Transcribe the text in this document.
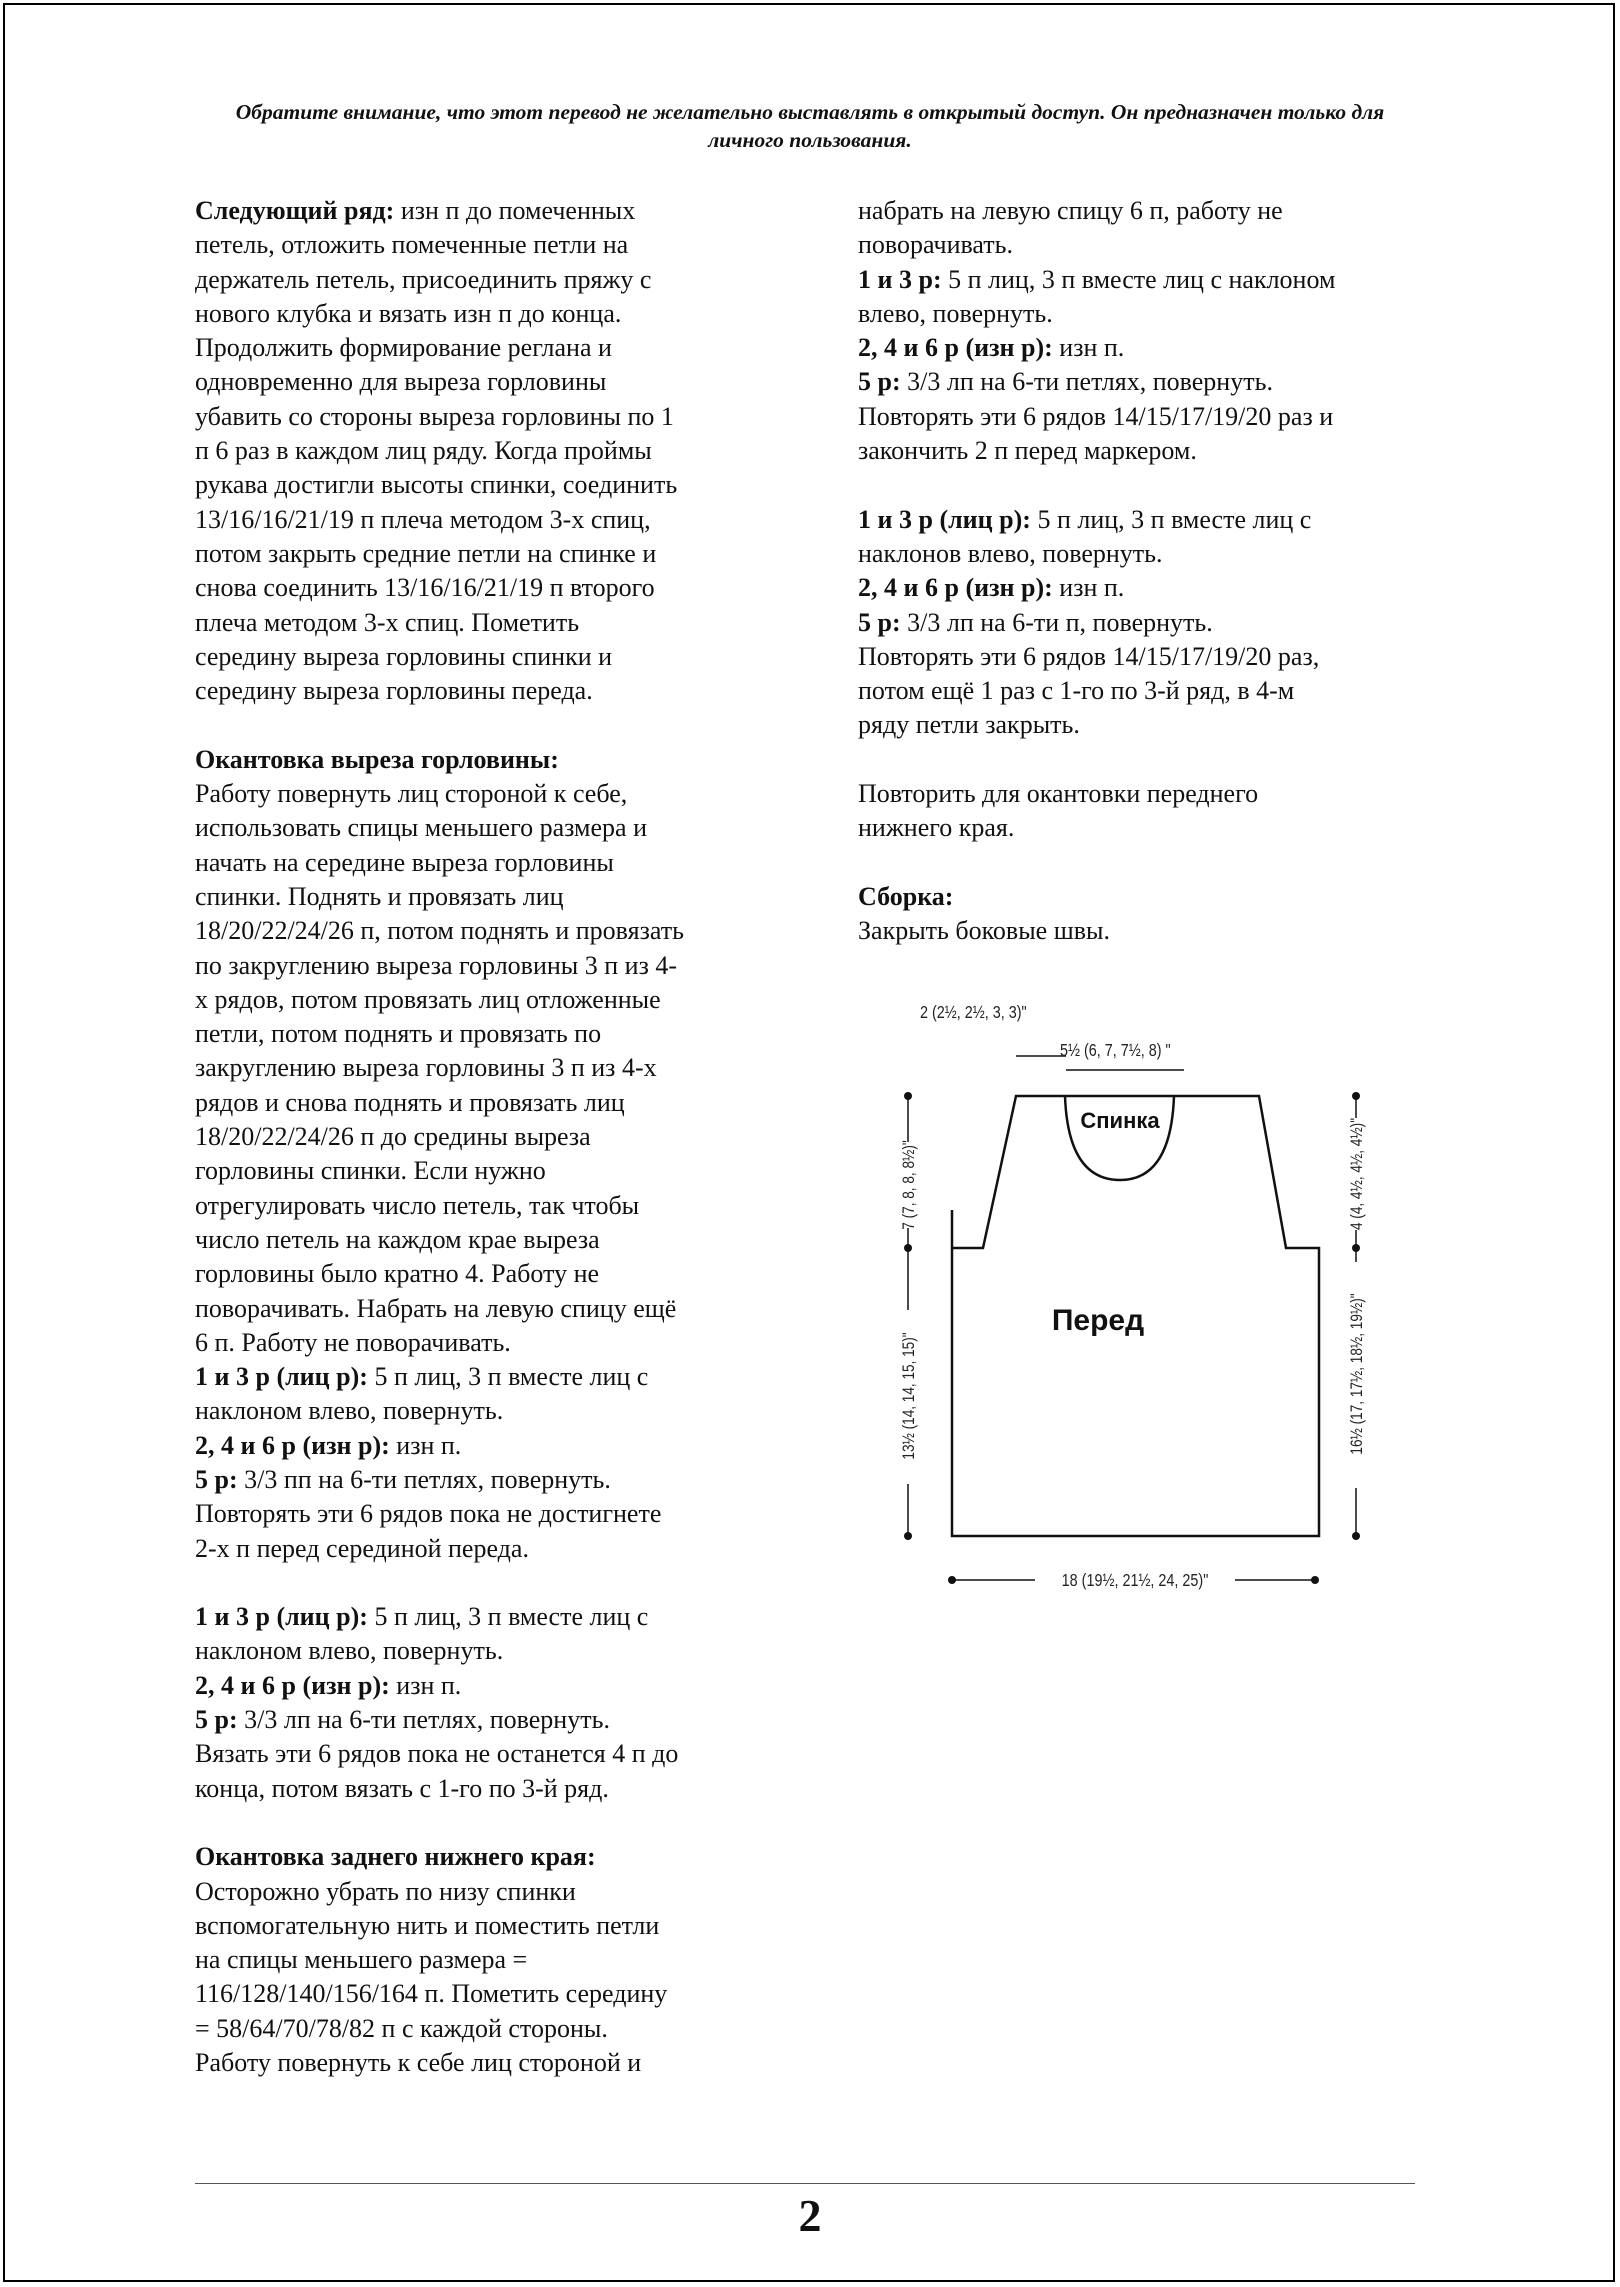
Обратите внимание, что этот перевод не желательно выставлять в открытый доступ. Он предназначен только для личного пользования.

Следующий ряд: изн п до помеченных

петель, отложить помеченные петли на

держатель петель, присоединить пряжу с

нового клубка и вязать изн п до конца.

Продолжить формирование реглана и

одновременно для выреза горловины

убавить со стороны выреза горловины по 1

п 6 раз в каждом лиц ряду. Когда проймы

рукава достигли высоты спинки, соединить

13/16/16/21/19 п плеча методом 3-х спиц,

потом закрыть средние петли на спинке и

снова соединить 13/16/16/21/19 п второго

плеча методом 3-х спиц. Пометить

середину выреза горловины спинки и

середину выреза горловины переда.

Окантовка выреза горловины:

Работу повернуть лиц стороной к себе,

использовать спицы меньшего размера и

начать на середине выреза горловины

спинки. Поднять и провязать лиц

18/20/22/24/26 п, потом поднять и провязать

по закруглению выреза горловины 3 п из 4-

х рядов, потом провязать лиц отложенные

петли, потом поднять и провязать по

закруглению выреза горловины 3 п из 4-х

рядов и снова поднять и провязать лиц

18/20/22/24/26 п до средины выреза

горловины спинки. Если нужно

отрегулировать число петель, так чтобы

число петель на каждом крае выреза

горловины было кратно 4. Работу не

поворачивать. Набрать на левую спицу ещё

6 п. Работу не поворачивать.

1 и 3 р (лиц р): 5 п лиц, 3 п вместе лиц с

наклоном влево, повернуть.

2, 4 и 6 р (изн р): изн п.

5 р: 3/3 пп на 6-ти петлях, повернуть.

Повторять эти 6 рядов пока не достигнете

2-х п перед серединой переда.

1 и 3 р (лиц р): 5 п лиц, 3 п вместе лиц с

наклоном влево, повернуть.

2, 4 и 6 р (изн р): изн п.

5 р: 3/3 лп на 6-ти петлях, повернуть.

Вязать эти 6 рядов пока не останется 4 п до

конца, потом вязать с 1-го по 3-й ряд.

Окантовка заднего нижнего края:

Осторожно убрать по низу спинки

вспомогательную нить и поместить петли

на спицы меньшего размера =

116/128/140/156/164 п. Пометить середину

= 58/64/70/78/82 п с каждой стороны.

Работу повернуть к себе лиц стороной и

набрать на левую спицу 6 п, работу не

поворачивать.

1 и 3 р: 5 п лиц, 3 п вместе лиц с наклоном

влево, повернуть.

2, 4 и 6 р (изн р): изн п.

5 р: 3/3 лп на 6-ти петлях, повернуть.

Повторять эти 6 рядов 14/15/17/19/20 раз и

закончить 2 п перед маркером.

1 и 3 р (лиц р): 5 п лиц, 3 п вместе лиц с

наклонов влево, повернуть.

2, 4 и 6 р (изн р): изн п.

5 р: 3/3 лп на 6-ти п, повернуть.

Повторять эти 6 рядов 14/15/17/19/20 раз,

потом ещё 1 раз с 1-го по 3-й ряд, в 4-м

ряду петли закрыть.

Повторить для окантовки переднего

нижнего края.

Сборка:

Закрыть боковые швы.

Спинка
Перед
2 (2½, 2½, 3, 3)"
5½ (6, 7, 7½, 8) "
7 (7, 8, 8, 8½)"
13½ (14, 14, 15, 15)"
4 (4, 4½, 4½, 4½)"
16½ (17, 17½, 18½, 19½)"
18 (19½, 21½, 24, 25)"
2
